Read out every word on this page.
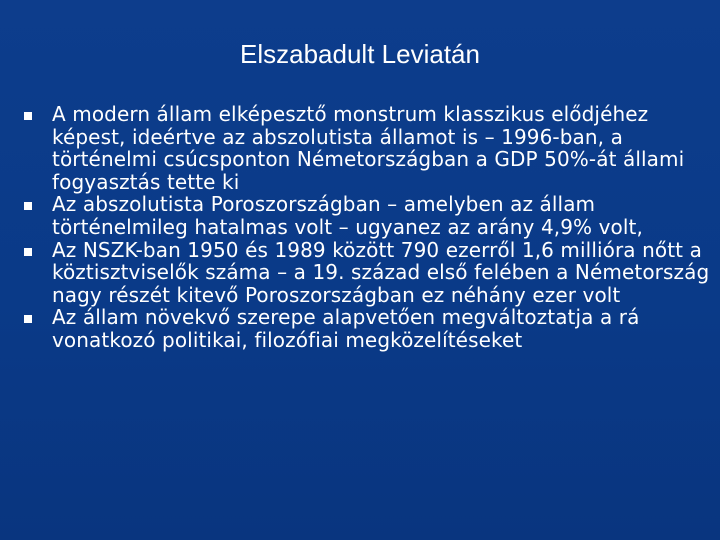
Elszabadult Leviatán
A modern állam elképesztő monstrum klasszikus elődjéhez képest, ideértve az abszolutista államot is – 1996-ban, a történelmi csúcsponton Németországban a GDP 50%-át állami fogyasztás tette ki
Az abszolutista Poroszországban – amelyben az állam történelmileg hatalmas volt – ugyanez az arány 4,9% volt,
Az NSZK-ban 1950 és 1989 között 790 ezerről 1,6 millióra nőtt a köztisztviselők száma – a 19. század első felében a Németország nagy részét kitevő Poroszországban ez néhány ezer volt
Az állam növekvő szerepe alapvetően megváltoztatja a rá vonatkozó politikai, filozófiai megközelítéseket
